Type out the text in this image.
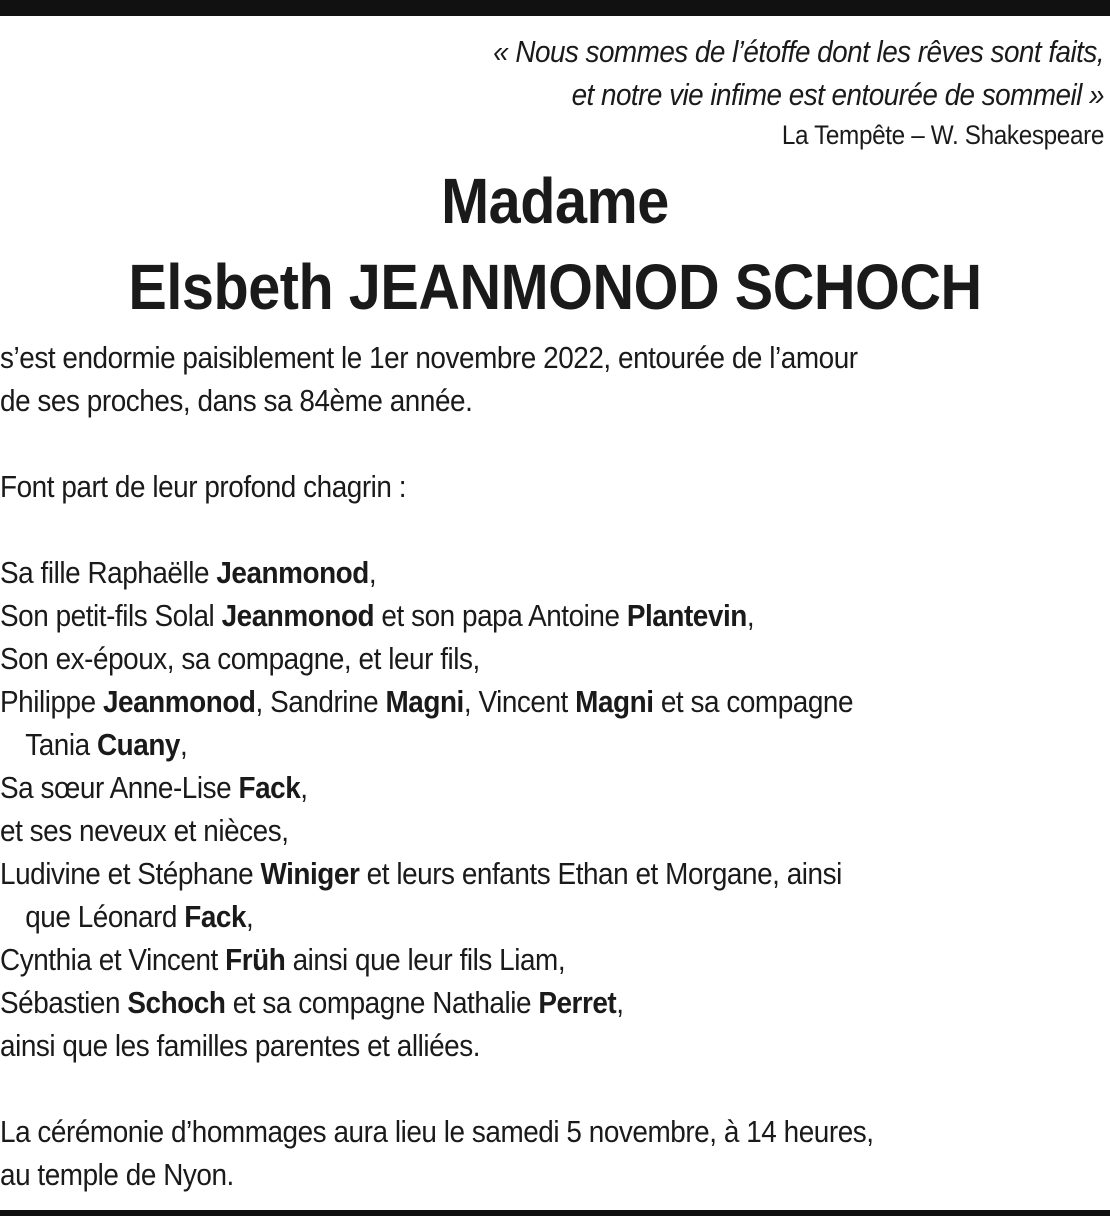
« Nous sommes de l’étoffe dont les rêves sont faits,
et notre vie infime est entourée de sommeil »
La Tempête – W. Shakespeare
Madame
Elsbeth JEANMONOD SCHOCH
s’est endormie paisiblement le 1er novembre 2022, entourée de l’amour
de ses proches, dans sa 84ème année.
Font part de leur profond chagrin :
Sa fille Raphaëlle Jeanmonod,
Son petit-fils Solal Jeanmonod et son papa Antoine Plantevin,
Son ex-époux, sa compagne, et leur fils,
Philippe Jeanmonod, Sandrine Magni, Vincent Magni et sa compagne
Tania Cuany,
Sa sœur Anne-Lise Fack,
et ses neveux et nièces,
Ludivine et Stéphane Winiger et leurs enfants Ethan et Morgane, ainsi
que Léonard Fack,
Cynthia et Vincent Früh ainsi que leur fils Liam,
Sébastien Schoch et sa compagne Nathalie Perret,
ainsi que les familles parentes et alliées.
La cérémonie d’hommages aura lieu le samedi 5 novembre, à 14 heures,
au temple de Nyon.
